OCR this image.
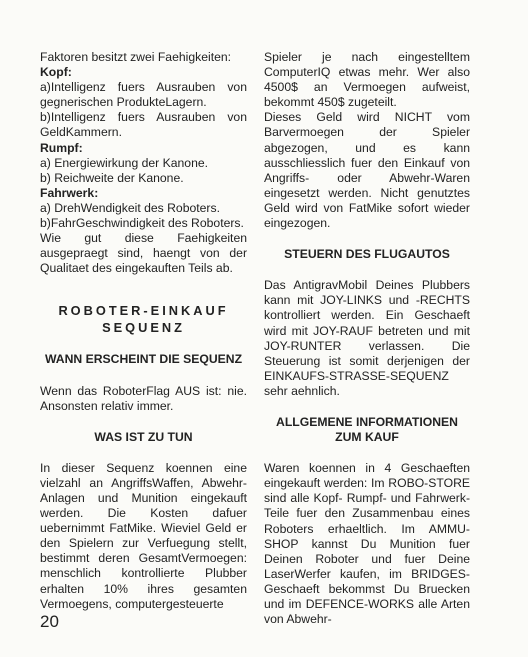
Faktoren besitzt zwei Faehigkeiten:

Kopf:

a)Intelligenz fuers Ausrauben von gegnerischen ProdukteLagern.

b)Intelligenz fuers Ausrauben von GeldKammern.

Rumpf:

a) Energiewirkung der Kanone.

b) Reichweite der Kanone.

Fahrwerk:

a) DrehWendigkeit des Roboters.

b)FahrGeschwindigkeit des Roboters.

Wie gut diese Faehigkeiten ausgepraegt sind, haengt von der Qualitaet des eingekauften Teils ab.

ROBOTER-EINKAUF

SEQUENZ

WANN ERSCHEINT DIE SEQUENZ

Wenn das RoboterFlag AUS ist: nie. Ansonsten relativ immer.

WAS IST ZU TUN

In dieser Sequenz koennen eine vielzahl an AngriffsWaffen, Abwehr-Anlagen und Munition eingekauft werden. Die Kosten dafuer uebernimmt FatMike. Wieviel Geld er den Spielern zur Verfuegung stellt, bestimmt deren GesamtVermoegen: menschlich kontrollierte Plubber erhalten 10% ihres gesamten Vermoegens, computergesteuerte

Spieler je nach eingestelltem ComputerIQ etwas mehr. Wer also 4500$ an Vermoegen aufweist, bekommt 450$ zugeteilt.

Dieses Geld wird NICHT vom Barvermoegen der Spieler abgezogen, und es kann ausschliesslich fuer den Einkauf von Angriffs- oder Abwehr-Waren eingesetzt werden. Nicht genutztes Geld wird von FatMike sofort wieder eingezogen.

STEUERN DES FLUGAUTOS

Das AntigravMobil Deines Plubbers kann mit JOY-LINKS und -RECHTS kontrolliert werden. Ein Geschaeft wird mit JOY-RAUF betreten und mit JOY-RUNTER verlassen. Die Steuerung ist somit derjenigen der EINKAUFS-STRASSE-SEQUENZ sehr aehnlich.

ALLGEMENE INFORMATIONEN

ZUM KAUF

Waren koennen in 4 Geschaeften eingekauft werden: Im ROBO-STORE sind alle Kopf- Rumpf- und Fahrwerk-Teile fuer den Zusammenbau eines Roboters erhaeltlich. Im AMMU-SHOP kannst Du Munition fuer Deinen Roboter und fuer Deine LaserWerfer kaufen, im BRIDGES-Geschaeft bekommst Du Bruecken und im DEFENCE-WORKS alle Arten von Abwehr-

20
